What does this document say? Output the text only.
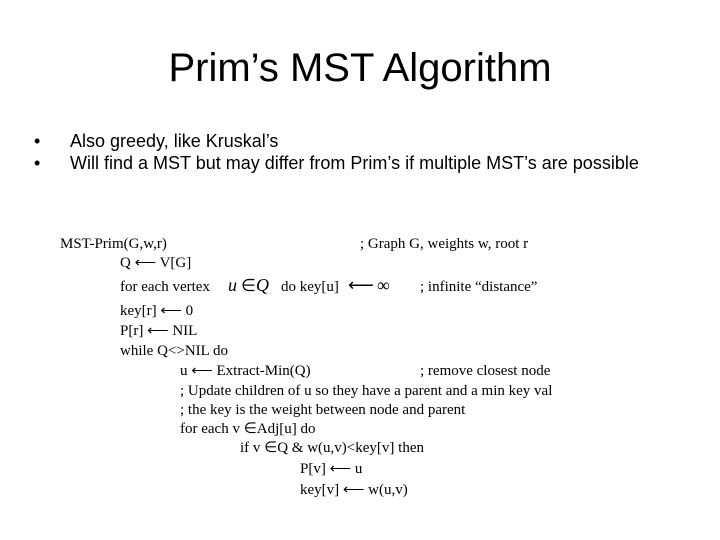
Prim’s MST Algorithm
• Also greedy, like Kruskal’s
• Will find a MST but may differ from Prim’s if multiple MST’s are possible
MST-Prim(G,w,r)	; Graph G, weights w, root r
Q ⟵ V[G]
for each vertex u ∈ Q do key[u] ⟵ ∞ ; infinite “distance”
key[r] ⟵ 0
P[r] ⟵ NIL
while Q<>NIL do
u ⟵ Extract-Min(Q)	; remove closest node
; Update children of u so they have a parent and a min key val
; the key is the weight between node and parent
for each v ∈Adj[u] do
if v ∈Q & w(u,v)<key[v] then
P[v] ⟵ u
key[v] ⟵ w(u,v)
